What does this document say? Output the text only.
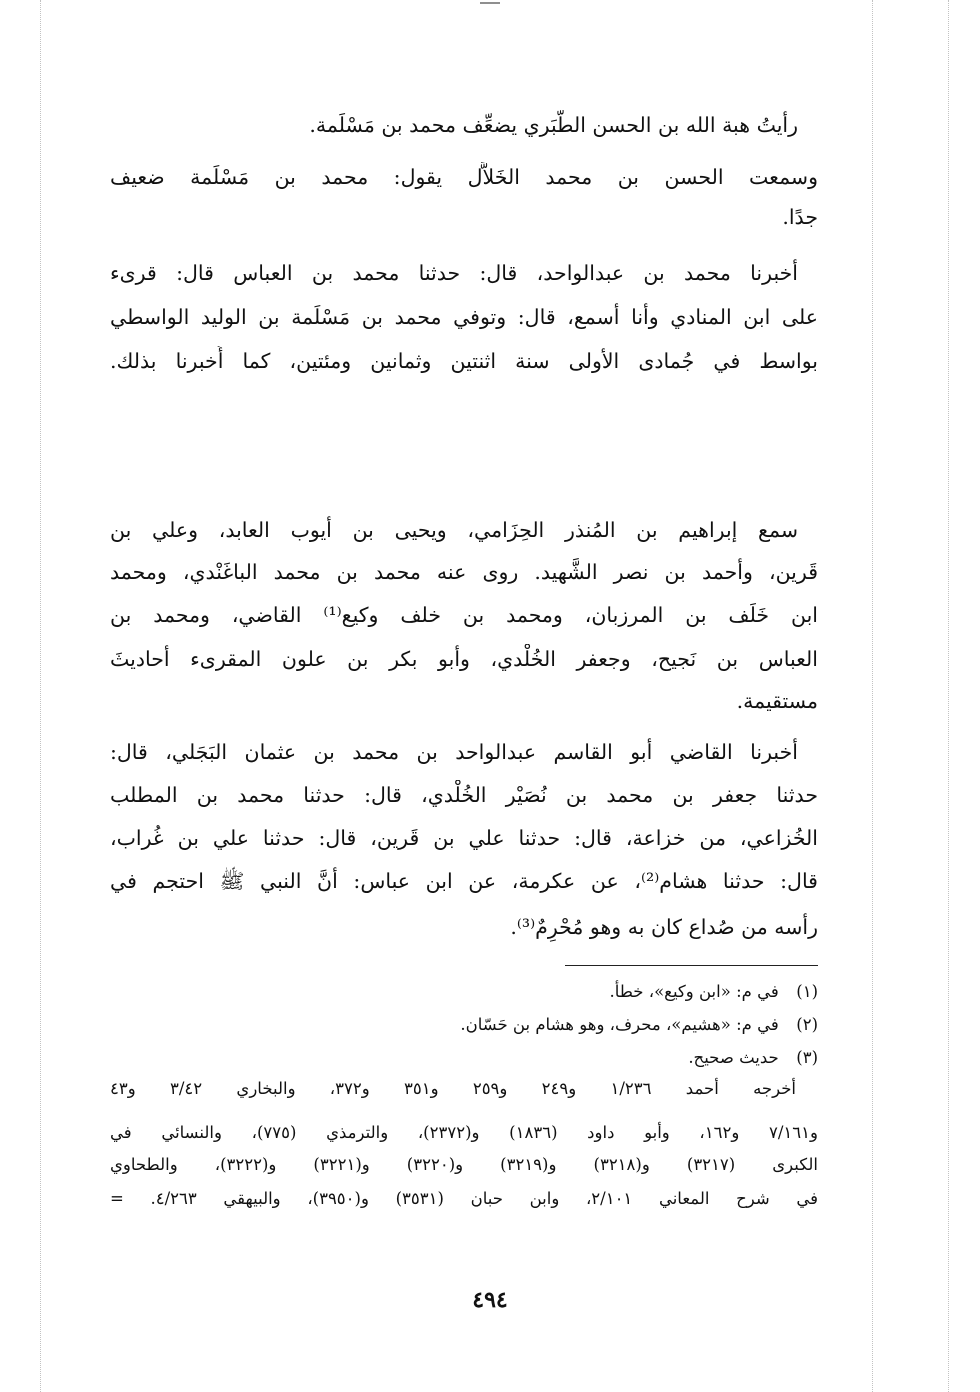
رأيتُ هبة الله بن الحسن الطَّبَري يضعِّف محمد بن مَسْلَمة.
وسمعت الحسن بن محمد الخَلاَّل يقول: محمد بن مَسْلَمة ضعيف
جدًا.
أخبرنا محمد بن عبدالواحد، قال: حدثنا محمد بن العباس قال: قرىء
على ابن المنادي وأنا أسمع، قال: وتوفي محمد بن مَسْلَمة بن الوليد الواسطي
بواسط في جُمادى الأولى سنة اثنتين وثمانين ومئتين، كما أُخبرنا بذلك.
سمع إبراهيم بن المُنذر الحِزَامي، ويحيى بن أيوب العابد، وعلي بن
قَرين، وأحمد بن نصر الشَّهيد. روى عنه محمد بن محمد الباغَنْدي، ومحمد
ابن خَلَف بن المرزبان، ومحمد بن خلف وكيع⁽¹⁾ القاضي، ومحمد بن
العباس بن نَجيح، وجعفر الخُلْدي، وأبو بكر بن علون المقرىء أحاديثَ
مستقيمة.
أخبرنا القاضي أبو القاسم عبدالواحد بن محمد بن عثمان البَجَلي، قال:
حدثنا جعفر بن محمد بن نُصَيْر الخُلْدي، قال: حدثنا محمد بن المطلب
الخُزاعي، من خزاعة، قال: حدثنا علي بن قَرين، قال: حدثنا علي بن غُراب،
قال: حدثنا هشام⁽²⁾، عن عكرمة، عن ابن عباس: أنَّ النبي ﷺ احتجم في
رأسه من صُداع كان به وهو مُحْرِمٌ⁽³⁾.
(١) في م: «ابن وكيع»، خطأ.
(٢) في م: «هشيم»، محرف، وهو هشام بن حَسّان.
(٣) حديث صحيح.
أخرجه أحمد ١/٢٣٦ و٢٤٩ و٢٥٩ و٣٥١ و٣٧٢، والبخاري ٣/٤٢ و٤٣
و٧/١٦١ و١٦٢، وأبو داود (١٨٣٦) و(٢٣٧٢)، والترمذي (٧٧٥)، والنسائي في
الكبرى (٣٢١٧) و(٣٢١٨) و(٣٢١٩) و(٣٢٢٠) و(٣٢٢١) و(٣٢٢٢)، والطحاوي
في شرح المعاني ٢/١٠١، وابن حبان (٣٥٣١) و(٣٩٥٠)، والبيهقي ٤/٢٦٣. =
٤٩٤
